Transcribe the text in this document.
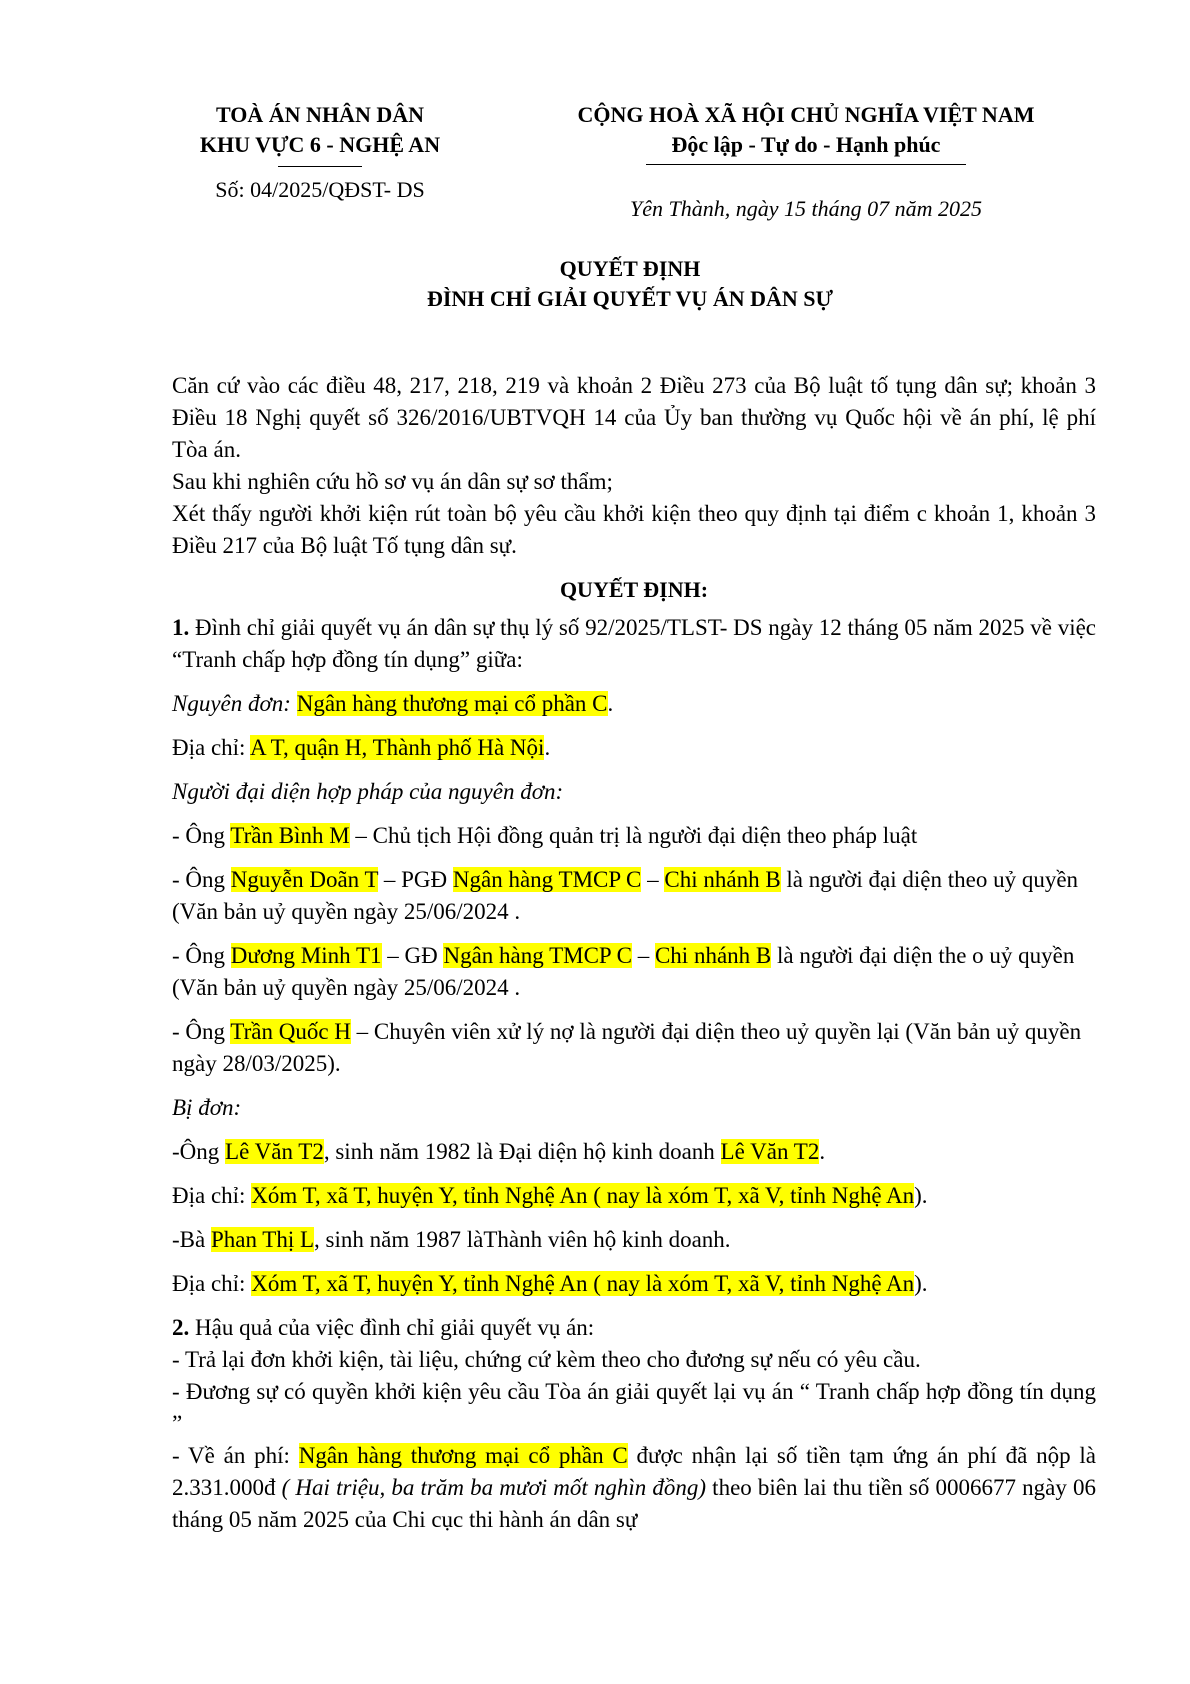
TOÀ ÁN NHÂN DÂN
KHU VỰC 6 - NGHỆ AN
Số: 04/2025/QĐST- DS
CỘNG HOÀ XÃ HỘI CHỦ NGHĨA VIỆT NAM
Độc lập - Tự do - Hạnh phúc
Yên Thành, ngày 15 tháng 07 năm 2025
QUYẾT ĐỊNH
ĐÌNH CHỈ GIẢI QUYẾT VỤ ÁN DÂN SỰ

Căn cứ vào các điều 48, 217, 218, 219 và khoản 2 Điều 273 của Bộ luật tố tụng dân sự; khoản 3 Điều 18 Nghị quyết số 326/2016/UBTVQH 14 của Ủy ban thường vụ Quốc hội về án phí, lệ phí Tòa án.

Sau khi nghiên cứu hồ sơ vụ án dân sự sơ thẩm;

Xét thấy người khởi kiện rút toàn bộ yêu cầu khởi kiện theo quy định tại điểm c khoản 1, khoản 3 Điều 217 của Bộ luật Tố tụng dân sự.

QUYẾT ĐỊNH:

1. Đình chỉ giải quyết vụ án dân sự thụ lý số 92/2025/TLST- DS ngày 12 tháng 05 năm 2025 về việc “Tranh chấp hợp đồng tín dụng” giữa:

Nguyên đơn: Ngân hàng thương mại cổ phần C.

Địa chỉ: A T, quận H, Thành phố Hà Nội.

Người đại diện hợp pháp của nguyên đơn:

- Ông Trần Bình M – Chủ tịch Hội đồng quản trị là người đại diện theo pháp luật

- Ông Nguyễn Doãn T – PGĐ Ngân hàng TMCP C – Chi nhánh B là người đại diện theo uỷ quyền (Văn bản uỷ quyền ngày 25/06/2024 .

- Ông Dương Minh T1 – GĐ Ngân hàng TMCP C – Chi nhánh B là người đại diện the o uỷ quyền (Văn bản uỷ quyền ngày 25/06/2024 .

- Ông Trần Quốc H – Chuyên viên xử lý nợ là người đại diện theo uỷ quyền lại (Văn bản uỷ quyền ngày 28/03/2025).

Bị đơn:

-Ông Lê Văn T2, sinh năm 1982 là Đại diện hộ kinh doanh Lê Văn T2.

Địa chỉ: Xóm T, xã T, huyện Y, tỉnh Nghệ An ( nay là xóm T, xã V, tỉnh Nghệ An).

-Bà Phan Thị L, sinh năm 1987 làThành viên hộ kinh doanh.

Địa chỉ: Xóm T, xã T, huyện Y, tỉnh Nghệ An ( nay là xóm T, xã V, tỉnh Nghệ An).

2. Hậu quả của việc đình chỉ giải quyết vụ án:

- Trả lại đơn khởi kiện, tài liệu, chứng cứ kèm theo cho đương sự nếu có yêu cầu.

- Đương sự có quyền khởi kiện yêu cầu Tòa án giải quyết lại vụ án “ Tranh chấp hợp đồng tín dụng ”

- Về án phí: Ngân hàng thương mại cổ phần C được nhận lại số tiền tạm ứng án phí đã nộp là 2.331.000đ ( Hai triệu, ba trăm ba mươi mốt nghìn đồng) theo biên lai thu tiền số 0006677 ngày 06 tháng 05 năm 2025 của Chi cục thi hành án dân sự
